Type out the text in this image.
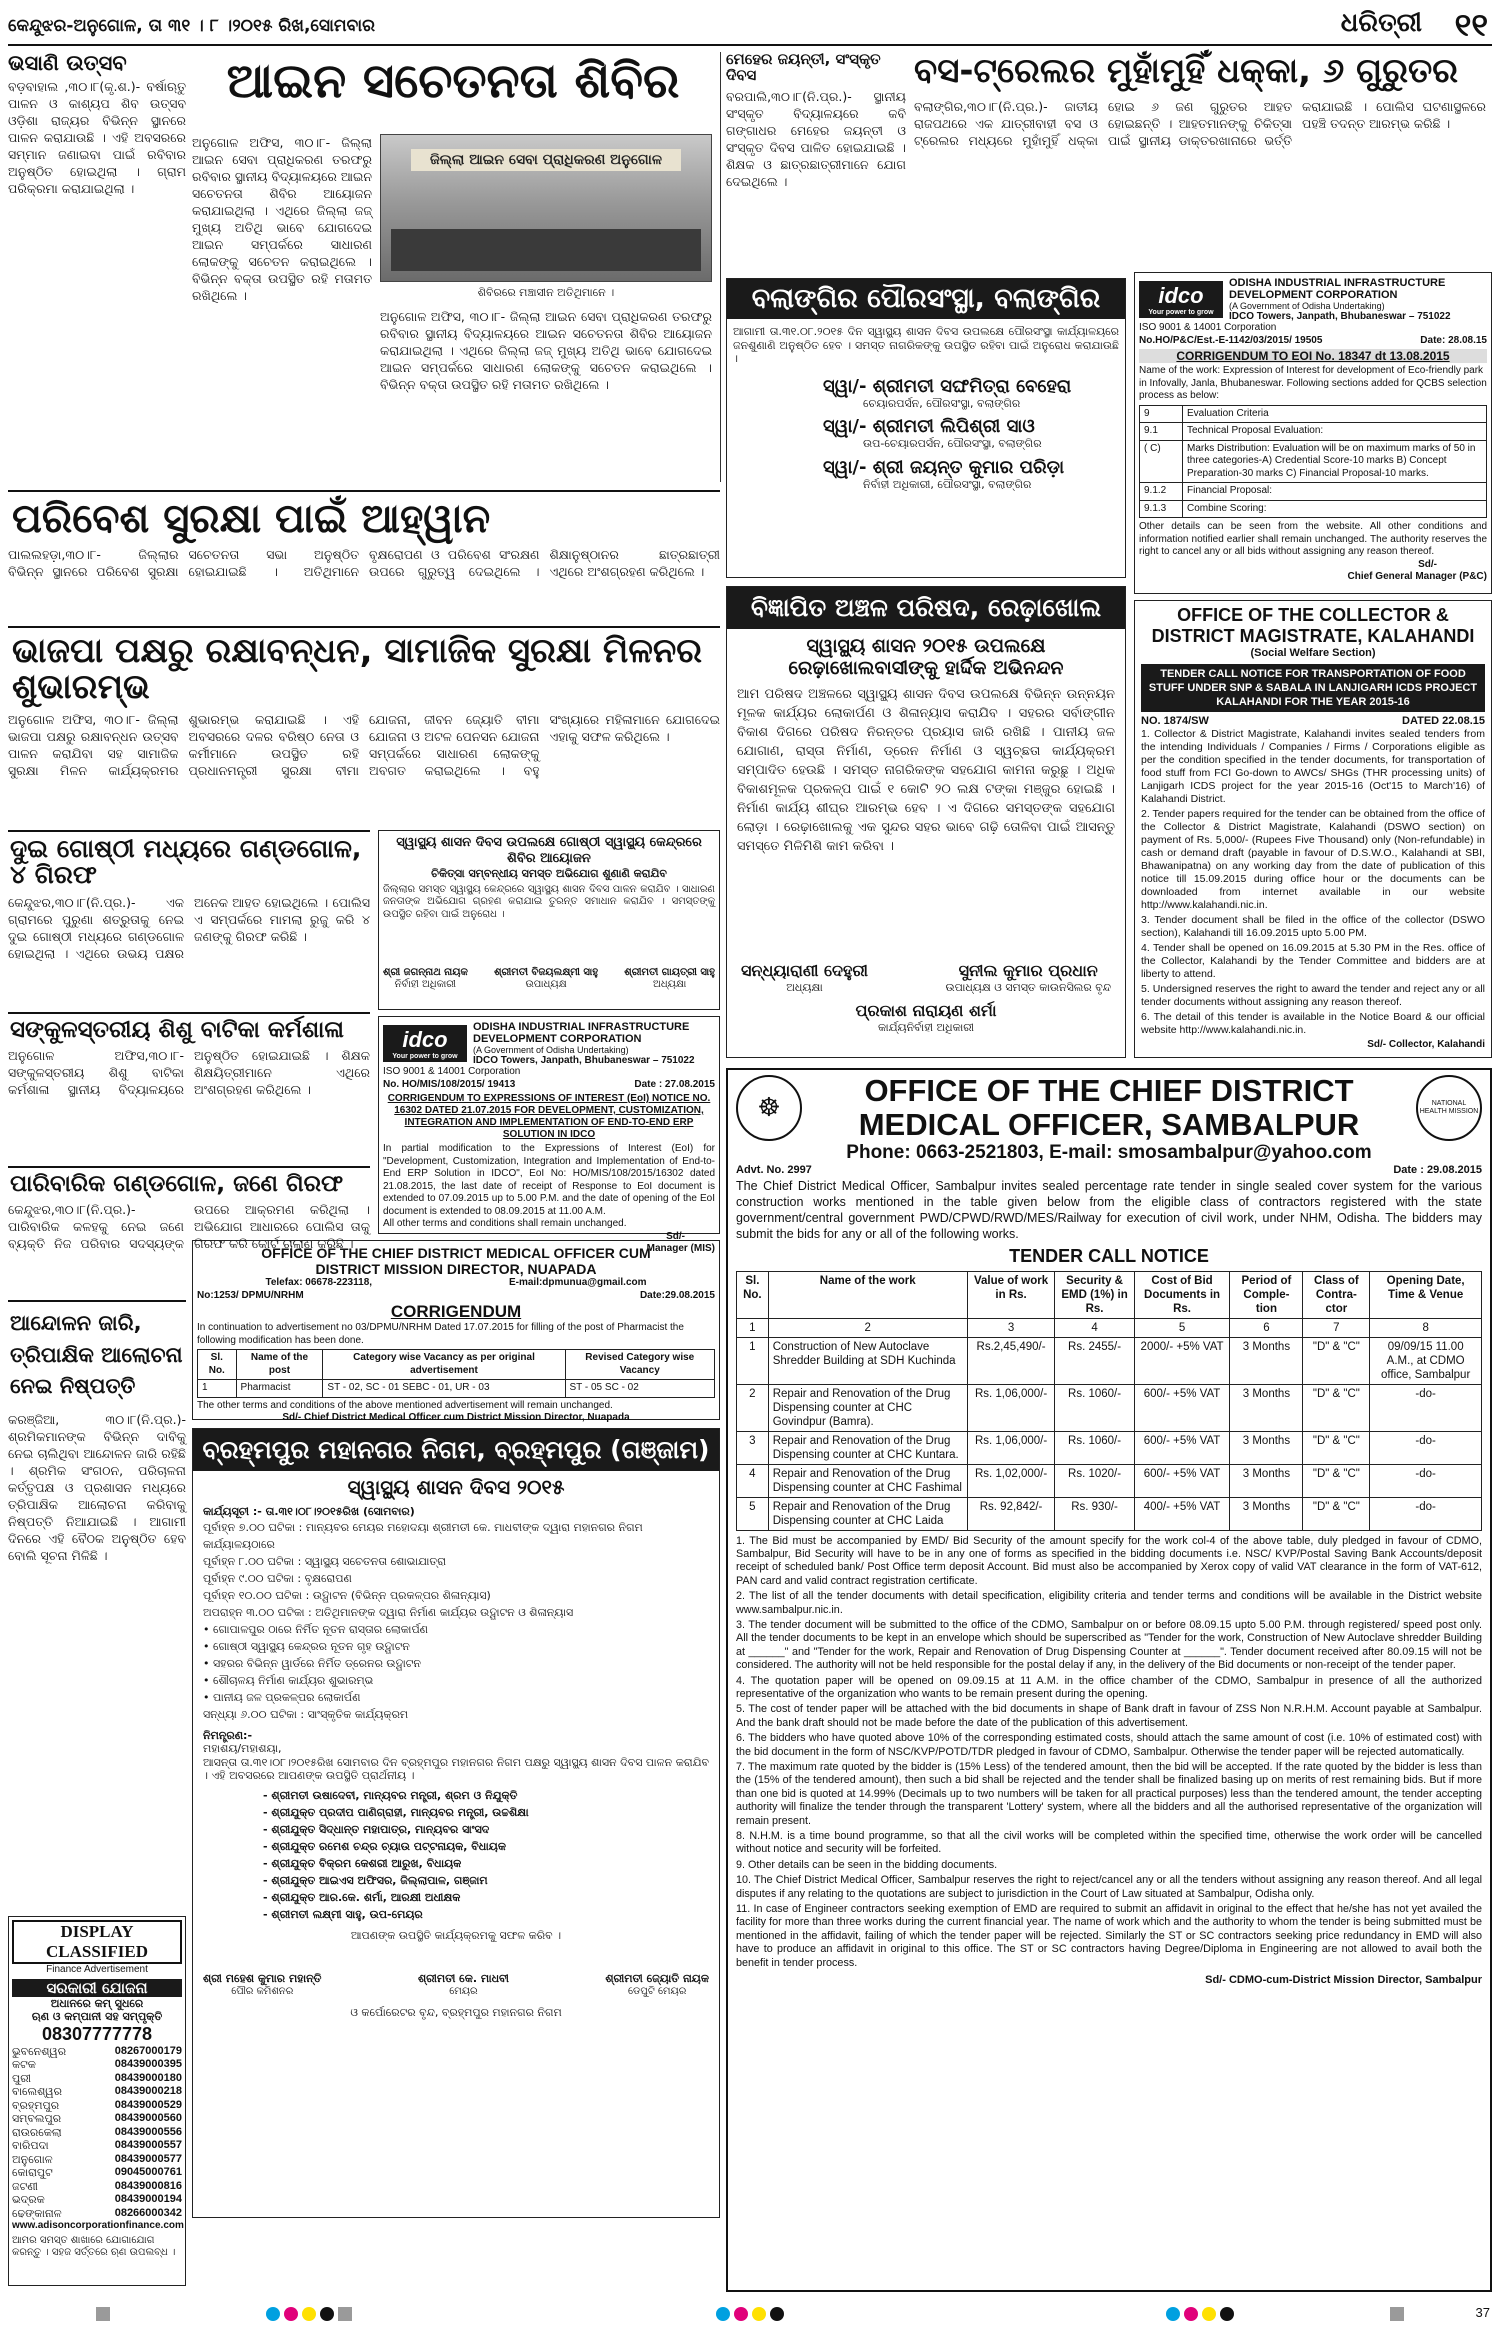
କେନ୍ଦୁଝର-ଅନୁଗୋଳ, ତା ୩୧ । ୮ ।୨୦୧୫ ରିଖ,ସୋମବାର	ଧରିତ୍ରୀ ୧୧
ଭସାଣି ଉତ୍ସବ
ବଡ଼ବାହାଲ ,୩୦।୮(କୃ.ଶ.)- ବର୍ଷାଋତୁ ପାଳନ ଓ କାଶ୍ୟପ ଶିବ ଉତ୍ସବ ଓଡ଼ିଶା ରାଜ୍ୟର ବିଭିନ୍ନ ସ୍ଥାନରେ ପାଳନ କରାଯାଉଛି । ଏହି ଅବସରରେ ସମ୍ମାନ ଜଣାଇବା ପାଇଁ ରବିବାର ଅନୁଷ୍ଠିତ ହୋଇଥିଲା । ଗ୍ରାମ ପରିକ୍ରମା କରାଯାଇଥିଲା ।
ଆଇନ ସଚେତନତା ଶିବିର
ଜିଲ୍ଲା ଆଇନ ସେବା ପ୍ରାଧିକରଣ ଅନୁଗୋଳ
ଶିବିରରେ ମଞ୍ଚାସୀନ ଅତିଥିମାନେ ।
ଅନୁଗୋଳ ଅଫିସ, ୩୦।୮- ଜିଲ୍ଲା ଆଇନ ସେବା ପ୍ରାଧିକରଣ ତରଫରୁ ରବିବାର ସ୍ଥାନୀୟ ବିଦ୍ୟାଳୟରେ ଆଇନ ସଚେତନତା ଶିବିର ଆୟୋଜନ କରାଯାଇଥିଲା । ଏଥିରେ ଜିଲ୍ଲା ଜଜ୍ ମୁଖ୍ୟ ଅତିଥି ଭାବେ ଯୋଗଦେଇ ଆଇନ ସମ୍ପର୍କରେ ସାଧାରଣ ଲୋକଙ୍କୁ ସଚେତନ କରାଇଥିଲେ । ବିଭିନ୍ନ ବକ୍ତା ଉପସ୍ଥିତ ରହି ମତାମତ ରଖିଥିଲେ ।
ଅନୁଗୋଳ ଅଫିସ, ୩୦।୮- ଜିଲ୍ଲା ଆଇନ ସେବା ପ୍ରାଧିକରଣ ତରଫରୁ ରବିବାର ସ୍ଥାନୀୟ ବିଦ୍ୟାଳୟରେ ଆଇନ ସଚେତନତା ଶିବିର ଆୟୋଜନ କରାଯାଇଥିଲା । ଏଥିରେ ଜିଲ୍ଲା ଜଜ୍ ମୁଖ୍ୟ ଅତିଥି ଭାବେ ଯୋଗଦେଇ ଆଇନ ସମ୍ପର୍କରେ ସାଧାରଣ ଲୋକଙ୍କୁ ସଚେତନ କରାଇଥିଲେ । ବିଭିନ୍ନ ବକ୍ତା ଉପସ୍ଥିତ ରହି ମତାମତ ରଖିଥିଲେ ।
ମେହେର ଜୟନ୍ତୀ, ସଂସ୍କୃତ ଦିବସ
ବରପାଲି,୩୦।୮(ନି.ପ୍ର.)- ସ୍ଥାନୀୟ ସଂସ୍କୃତ ବିଦ୍ୟାଳୟରେ କବି ଗଙ୍ଗାଧର ମେହେର ଜୟନ୍ତୀ ଓ ସଂସ୍କୃତ ଦିବସ ପାଳିତ ହୋଇଯାଇଛି । ଶିକ୍ଷକ ଓ ଛାତ୍ରଛାତ୍ରୀମାନେ ଯୋଗ ଦେଇଥିଲେ ।
ବସ-ଟ୍ରେଲର ମୁହାଁମୁହିଁ ଧକ୍କା, ୬ ଗୁରୁତର
ବଲାଙ୍ଗିର,୩୦।୮(ନି.ପ୍ର.)- ଜାତୀୟ ରାଜପଥରେ ଏକ ଯାତ୍ରୀବାହୀ ବସ ଓ ଟ୍ରେଲର ମଧ୍ୟରେ ମୁହାଁମୁହିଁ ଧକ୍କା ହୋଇ ୬ ଜଣ ଗୁରୁତର ଆହତ ହୋଇଛନ୍ତି । ଆହତମାନଙ୍କୁ ଚିକିତ୍ସା ପାଇଁ ସ୍ଥାନୀୟ ଡାକ୍ତରଖାନାରେ ଭର୍ତ୍ତି କରାଯାଇଛି । ପୋଲିସ ଘଟଣାସ୍ଥଳରେ ପହଞ୍ଚି ତଦନ୍ତ ଆରମ୍ଭ କରିଛି ।
ବଲାଙ୍ଗିର ପୌରସଂସ୍ଥା, ବଲାଙ୍ଗିର
ଆଗାମୀ ତା.୩୧.୦୮.୨୦୧୫ ଦିନ ସ୍ୱାସ୍ଥ୍ୟ ଶାସନ ଦିବସ ଉପଲକ୍ଷେ ପୌରସଂସ୍ଥା କାର୍ଯ୍ୟାଳୟରେ ଜନଶୁଣାଣି ଅନୁଷ୍ଠିତ ହେବ । ସମସ୍ତ ନାଗରିକଙ୍କୁ ଉପସ୍ଥିତ ରହିବା ପାଇଁ ଅନୁରୋଧ କରାଯାଉଛି ।
ସ୍ୱା/- ଶ୍ରୀମତୀ ସଙ୍ଘମିତ୍ରା ବେହେରା
ଚେୟାରପର୍ସନ, ପୌରସଂସ୍ଥା, ବଲାଙ୍ଗିର
ସ୍ୱା/- ଶ୍ରୀମତୀ ଲିପିଶ୍ରୀ ସାଓ
ଉପ-ଚେୟାରପର୍ସନ, ପୌରସଂସ୍ଥା, ବଲାଙ୍ଗିର
ସ୍ୱା/- ଶ୍ରୀ ଜୟନ୍ତ କୁମାର ପରିଡ଼ା
ନିର୍ବାହୀ ଅଧିକାରୀ, ପୌରସଂସ୍ଥା, ବଲାଙ୍ଗିର
idco
Your power to grow
ODISHA INDUSTRIAL INFRASTRUCTURE DEVELOPMENT CORPORATION
(A Government of Odisha Undertaking)
IDCO Towers, Janpath, Bhubaneswar – 751022
ISO 9001 & 14001 Corporation
No.HO/P&C/Est.-E-1142/03/2015/ 19505	Date: 28.08.15
CORRIGENDUM TO EOI No. 18347 dt 13.08.2015
Name of the work: Expression of Interest for development of Eco-friendly park in Infovally, Janla, Bhubaneswar. Following sections added for QCBS selection process as below:
9	Evaluation Criteria
9.1	Technical Proposal Evaluation:
( C)	Marks Distribution: Evaluation will be on maximum marks of 50 in three categories-A) Credential Score-10 marks B) Concept Preparation-30 marks C) Financial Proposal-10 marks.
9.1.2	Financial Proposal:
9.1.3	Combine Scoring:
Other details can be seen from the website. All other conditions and information notified earlier shall remain unchanged. The authority reserves the right to cancel any or all bids without assigning any reason thereof.
Sd/-
Chief General Manager (P&C)
ପରିବେଶ ସୁରକ୍ଷା ପାଇଁ ଆହ୍ୱାନ
ପାଲଲହଡ଼ା,୩୦।୮- ଜିଲ୍ଲାର ବିଭିନ୍ନ ସ୍ଥାନରେ ପରିବେଶ ସୁରକ୍ଷା ସଚେତନତା ସଭା ଅନୁଷ୍ଠିତ ହୋଇଯାଇଛି । ଅତିଥିମାନେ ବୃକ୍ଷରୋପଣ ଓ ପରିବେଶ ସଂରକ୍ଷଣ ଉପରେ ଗୁରୁତ୍ୱ ଦେଇଥିଲେ । ଶିକ୍ଷାନୁଷ୍ଠାନର ଛାତ୍ରଛାତ୍ରୀ ଏଥିରେ ଅଂଶଗ୍ରହଣ କରିଥିଲେ ।
ଭାଜପା ପକ୍ଷରୁ ରକ୍ଷାବନ୍ଧନ, ସାମାଜିକ ସୁରକ୍ଷା ମିଳନର ଶୁଭାରମ୍ଭ
ଅନୁଗୋଳ ଅଫିସ, ୩୦।୮- ଜିଲ୍ଲା ଭାଜପା ପକ୍ଷରୁ ରକ୍ଷାବନ୍ଧନ ଉତ୍ସବ ପାଳନ କରାଯିବା ସହ ସାମାଜିକ ସୁରକ୍ଷା ମିଳନ କାର୍ଯ୍ୟକ୍ରମର ଶୁଭାରମ୍ଭ କରାଯାଇଛି । ଏହି ଅବସରରେ ଦଳର ବରିଷ୍ଠ ନେତା ଓ କର୍ମୀମାନେ ଉପସ୍ଥିତ ରହି ପ୍ରଧାନମନ୍ତ୍ରୀ ସୁରକ୍ଷା ବୀମା ଯୋଜନା, ଜୀବନ ଜ୍ୟୋତି ବୀମା ଯୋଜନା ଓ ଅଟଳ ପେନସନ ଯୋଜନା ସମ୍ପର୍କରେ ସାଧାରଣ ଲୋକଙ୍କୁ ଅବଗତ କରାଇଥିଲେ । ବହୁ ସଂଖ୍ୟାରେ ମହିଳାମାନେ ଯୋଗଦେଇ ଏହାକୁ ସଫଳ କରିଥିଲେ ।
ବିଜ୍ଞାପିତ ଅଞ୍ଚଳ ପରିଷଦ, ରେଢ଼ାଖୋଲ
ସ୍ୱାସ୍ଥ୍ୟ ଶାସନ ୨୦୧୫ ଉପଲକ୍ଷେ
ରେଢ଼ାଖୋଲବାସୀଙ୍କୁ ହାର୍ଦ୍ଦିକ ଅଭିନନ୍ଦନ
ଆମ ପରିଷଦ ଅଞ୍ଚଳରେ ସ୍ୱାସ୍ଥ୍ୟ ଶାସନ ଦିବସ ଉପଲକ୍ଷେ ବିଭିନ୍ନ ଉନ୍ନୟନ ମୂଳକ କାର୍ଯ୍ୟର ଲୋକାର୍ପଣ ଓ ଶିଳାନ୍ୟାସ କରାଯିବ । ସହରର ସର୍ବାଙ୍ଗୀନ ବିକାଶ ଦିଗରେ ପରିଷଦ ନିରନ୍ତର ପ୍ରୟାସ ଜାରି ରଖିଛି । ପାନୀୟ ଜଳ ଯୋଗାଣ, ରାସ୍ତା ନିର୍ମାଣ, ଡ୍ରେନ ନିର୍ମାଣ ଓ ସ୍ୱଚ୍ଛତା କାର୍ଯ୍ୟକ୍ରମ ସମ୍ପାଦିତ ହେଉଛି । ସମସ୍ତ ନାଗରିକଙ୍କ ସହଯୋଗ କାମନା କରୁଛୁ । ଅଧିକ ବିକାଶମୂଳକ ପ୍ରକଳ୍ପ ପାଇଁ ୧ କୋଟି ୨୦ ଲକ୍ଷ ଟଙ୍କା ମଞ୍ଜୁର ହୋଇଛି । ନିର୍ମାଣ କାର୍ଯ୍ୟ ଶୀଘ୍ର ଆରମ୍ଭ ହେବ । ଏ ଦିଗରେ ସମସ୍ତଙ୍କ ସହଯୋଗ ଲୋଡ଼ା । ରେଢ଼ାଖୋଲକୁ ଏକ ସୁନ୍ଦର ସହର ଭାବେ ଗଢ଼ି ତୋଳିବା ପାଇଁ ଆସନ୍ତୁ ସମସ୍ତେ ମିଳିମିଶି କାମ କରିବା ।
ସନ୍ଧ୍ୟାରାଣୀ ଦେହୁରୀ
ଅଧ୍ୟକ୍ଷା
ସୁନୀଲ କୁମାର ପ୍ରଧାନ
ଉପାଧ୍ୟକ୍ଷ ଓ ସମସ୍ତ କାଉନସିଲର ବୃନ୍ଦ
ପ୍ରକାଶ ନାରାୟଣ ଶର୍ମା
କାର୍ଯ୍ୟନିର୍ବାହୀ ଅଧିକାରୀ
OFFICE OF THE COLLECTOR &
DISTRICT MAGISTRATE, KALAHANDI
(Social Welfare Section)
TENDER CALL NOTICE FOR TRANSPORTATION OF FOOD STUFF UNDER SNP & SABALA IN LANJIGARH ICDS PROJECT KALAHANDI FOR THE YEAR 2015-16
NO. 1874/SW	DATED 22.08.15
1. Collector & District Magistrate, Kalahandi invites sealed tenders from the intending Individuals / Companies / Firms / Corporations eligible as per the condition specified in the tender documents, for transportation of food stuff from FCI Go-down to AWCs/ SHGs (THR processing units) of Lanjigarh ICDS project for the year 2015-16 (Oct'15 to March'16) of Kalahandi District.
2. Tender papers required for the tender can be obtained from the office of the Collector & District Magistrate, Kalahandi (DSWO section) on payment of Rs. 5,000/- (Rupees Five Thousand) only (Non-refundable) in cash or demand draft (payable in favour of D.S.W.O., Kalahandi at SBI, Bhawanipatna) on any working day from the date of publication of this notice till 15.09.2015 during office hour or the documents can be downloaded from internet available in our website http://www.kalahandi.nic.in.
3. Tender document shall be filed in the office of the collector (DSWO section), Kalahandi till 16.09.2015 upto 5.00 PM.
4. Tender shall be opened on 16.09.2015 at 5.30 PM in the Res. office of the Collector, Kalahandi by the Tender Committee and bidders are at liberty to attend.
5. Undersigned reserves the right to award the tender and reject any or all tender documents without assigning any reason thereof.
6. The detail of this tender is available in the Notice Board & our official website http://www.kalahandi.nic.in.
Sd/- Collector, Kalahandi
ଦୁଇ ଗୋଷ୍ଠୀ ମଧ୍ୟରେ ଗଣ୍ଡଗୋଳ, ୪ ଗିରଫ
କେନ୍ଦୁଝର,୩୦।୮(ନି.ପ୍ର.)- ଏକ ଗ୍ରାମରେ ପୁରୁଣା ଶତ୍ରୁତାକୁ ନେଇ ଦୁଇ ଗୋଷ୍ଠୀ ମଧ୍ୟରେ ଗଣ୍ଡଗୋଳ ହୋଇଥିଲା । ଏଥିରେ ଉଭୟ ପକ୍ଷର ଅନେକ ଆହତ ହୋଇଥିଲେ । ପୋଲିସ ଏ ସମ୍ପର୍କରେ ମାମଲା ରୁଜୁ କରି ୪ ଜଣଙ୍କୁ ଗିରଫ କରିଛି ।
ସ୍ୱାସ୍ଥ୍ୟ ଶାସନ ଦିବସ ଉପଲକ୍ଷେ ଗୋଷ୍ଠୀ ସ୍ୱାସ୍ଥ୍ୟ କେନ୍ଦ୍ରରେ ଶିବିର ଆୟୋଜନ
ଚିକିତ୍ସା ସମ୍ବନ୍ଧୀୟ ସମସ୍ତ ଅଭିଯୋଗ ଶୁଣାଣି କରାଯିବ
ଜିଲ୍ଲାର ସମସ୍ତ ସ୍ୱାସ୍ଥ୍ୟ କେନ୍ଦ୍ରରେ ସ୍ୱାସ୍ଥ୍ୟ ଶାସନ ଦିବସ ପାଳନ କରାଯିବ । ସାଧାରଣ ଜନତାଙ୍କ ଅଭିଯୋଗ ଗ୍ରହଣ କରାଯାଇ ତୁରନ୍ତ ସମାଧାନ କରାଯିବ । ସମସ୍ତଙ୍କୁ ଉପସ୍ଥିତ ରହିବା ପାଇଁ ଅନୁରୋଧ ।
ଶ୍ରୀ ଜଗନ୍ନାଥ ନାୟକ
ନିର୍ବାହୀ ଅଧିକାରୀ
ଶ୍ରୀମତୀ ବିଜୟଲକ୍ଷ୍ମୀ ସାହୁ
ଉପାଧ୍ୟକ୍ଷ
ଶ୍ରୀମତୀ ଗାୟତ୍ରୀ ସାହୁ
ଅଧ୍ୟକ୍ଷା
ସଙ୍କୁଳସ୍ତରୀୟ ଶିଶୁ ବାଟିକା କର୍ମଶାଳା
ଅନୁଗୋଳ ଅଫିସ,୩୦।୮- ସଙ୍କୁଳସ୍ତରୀୟ ଶିଶୁ ବାଟିକା କର୍ମଶାଳା ସ୍ଥାନୀୟ ବିଦ୍ୟାଳୟରେ ଅନୁଷ୍ଠିତ ହୋଇଯାଇଛି । ଶିକ୍ଷକ ଶିକ୍ଷୟିତ୍ରୀମାନେ ଏଥିରେ ଅଂଶଗ୍ରହଣ କରିଥିଲେ ।
idco
Your power to grow
ODISHA INDUSTRIAL INFRASTRUCTURE DEVELOPMENT CORPORATION
(A Government of Odisha Undertaking)
IDCO Towers, Janpath, Bhubaneswar – 751022
ISO 9001 & 14001 Corporation
No. HO/MIS/108/2015/ 19413	Date : 27.08.2015
CORRIGENDUM TO EXPRESSIONS OF INTEREST (EoI) NOTICE NO. 16302 DATED 21.07.2015 FOR DEVELOPMENT, CUSTOMIZATION, INTEGRATION AND IMPLEMENTATION OF END-TO-END ERP SOLUTION IN IDCO
In partial modification to the Expressions of Interest (EoI) for "Development, Customization, Integration and Implementation of End-to-End ERP Solution in IDCO", EoI No: HO/MIS/108/2015/16302 dated 21.08.2015, the last date of receipt of Response to EoI document is extended to 07.09.2015 up to 5.00 P.M. and the date of opening of the EoI document is extended to 08.09.2015 at 11.00 A.M.
All other terms and conditions shall remain unchanged.
Sd/-
Manager (MIS)
ପାରିବାରିକ ଗଣ୍ଡଗୋଳ, ଜଣେ ଗିରଫ
କେନ୍ଦୁଝର,୩୦।୮(ନି.ପ୍ର.)- ପାରିବାରିକ କଳହକୁ ନେଇ ଜଣେ ବ୍ୟକ୍ତି ନିଜ ପରିବାର ସଦସ୍ୟଙ୍କ ଉପରେ ଆକ୍ରମଣ କରିଥିଲା । ଅଭିଯୋଗ ଆଧାରରେ ପୋଲିସ ତାକୁ ଗିରଫ କରି କୋର୍ଟ ଚାଲାଣ କରିଛି ।
OFFICE OF THE CHIEF DISTRICT MEDICAL OFFICER CUM
DISTRICT MISSION DIRECTOR, NUAPADA
Telefax: 06678-223118,	E-mail:dpmunua@gmail.com
No:1253/ DPMU/NRHM	Date:29.08.2015
CORRIGENDUM
In continuation to advertisement no 03/DPMU/NRHM Dated 17.07.2015 for filling of the post of Pharmacist the following modification has been done.
Sl. No.	Name of the post	Category wise Vacancy as per original advertisement	Revised Category wise Vacancy
1	Pharmacist	ST - 02, SC - 01 SEBC - 01, UR - 03	ST - 05 SC - 02
The other terms and conditions of the above mentioned advertisement will remain unchanged.
Sd/- Chief District Medical Officer cum District Mission Director, Nuapada
ଆନ୍ଦୋଳନ ଜାରି, ତ୍ରିପାକ୍ଷିକ ଆଲୋଚନା ନେଇ ନିଷ୍ପତ୍ତି
କରଞ୍ଜିଆ, ୩୦।୮(ନି.ପ୍ର.)- ଶ୍ରମିକମାନଙ୍କ ବିଭିନ୍ନ ଦାବିକୁ ନେଇ ଚାଲିଥିବା ଆନ୍ଦୋଳନ ଜାରି ରହିଛି । ଶ୍ରମିକ ସଂଗଠନ, ପରିଚାଳନା କର୍ତ୍ତୃପକ୍ଷ ଓ ପ୍ରଶାସନ ମଧ୍ୟରେ ତ୍ରିପାକ୍ଷିକ ଆଲୋଚନା କରିବାକୁ ନିଷ୍ପତ୍ତି ନିଆଯାଇଛି । ଆଗାମୀ ଦିନରେ ଏହି ବୈଠକ ଅନୁଷ୍ଠିତ ହେବ ବୋଲି ସୂଚନା ମିଳିଛି ।
ବ୍ରହ୍ମପୁର ମହାନଗର ନିଗମ, ବ୍ରହ୍ମପୁର (ଗଞ୍ଜାମ)
ସ୍ୱାସ୍ଥ୍ୟ ଶାସନ ଦିବସ ୨୦୧୫
କାର୍ଯ୍ୟସୂଚୀ :- ତା.୩୧।୦୮।୨୦୧୫ରିଖ (ସୋମବାର)
ପୂର୍ବାହ୍ନ ୭.୦୦ ଘଟିକା : ମାନ୍ୟବର ମେୟର ମହୋଦୟା ଶ୍ରୀମତୀ କେ. ମାଧବୀଙ୍କ ଦ୍ୱାରା ମହାନଗର ନିଗମ କାର୍ଯ୍ୟାଳୟଠାରେ
ପୂର୍ବାହ୍ନ ୮.୦୦ ଘଟିକା : ସ୍ୱାସ୍ଥ୍ୟ ସଚେତନତା ଶୋଭାଯାତ୍ରା
ପୂର୍ବାହ୍ନ ୯.୦୦ ଘଟିକା : ବୃକ୍ଷରୋପଣ
ପୂର୍ବାହ୍ନ ୧୦.୦୦ ଘଟିକା : ଉଦ୍ଘାଟନ (ବିଭିନ୍ନ ପ୍ରକଳ୍ପର ଶିଳାନ୍ୟାସ)
ଅପରାହ୍ନ ୩.୦୦ ଘଟିକା : ଅତିଥିମାନଙ୍କ ଦ୍ୱାରା ନିର୍ମାଣ କାର୍ଯ୍ୟର ଉଦ୍ଘାଟନ ଓ ଶିଳାନ୍ୟାସ
• ଗୋପାଳପୁର ଠାରେ ନିର୍ମିତ ନୂତନ ରାସ୍ତାର ଲୋକାର୍ପଣ
• ଗୋଷ୍ଠୀ ସ୍ୱାସ୍ଥ୍ୟ କେନ୍ଦ୍ରର ନୂତନ ଗୃହ ଉଦ୍ଘାଟନ
• ସହରର ବିଭିନ୍ନ ୱାର୍ଡରେ ନିର୍ମିତ ଡ୍ରେନର ଉଦ୍ଘାଟନ
• ଶୌଚାଳୟ ନିର୍ମାଣ କାର୍ଯ୍ୟର ଶୁଭାରମ୍ଭ
• ପାନୀୟ ଜଳ ପ୍ରକଳ୍ପର ଲୋକାର୍ପଣ
ସନ୍ଧ୍ୟା ୬.୦୦ ଘଟିକା : ସାଂସ୍କୃତିକ କାର୍ଯ୍ୟକ୍ରମ
ନିମନ୍ତ୍ରଣ:-
ମହାଶୟ/ମହାଶୟା,
ଆସନ୍ତା ତା.୩୧।୦୮।୨୦୧୫ରିଖ ସୋମବାର ଦିନ ବ୍ରହ୍ମପୁର ମହାନଗର ନିଗମ ପକ୍ଷରୁ ସ୍ୱାସ୍ଥ୍ୟ ଶାସନ ଦିବସ ପାଳନ କରାଯିବ । ଏହି ଅବସରରେ ଆପଣଙ୍କ ଉପସ୍ଥିତି ପ୍ରାର୍ଥନୀୟ ।
- ଶ୍ରୀମତୀ ଉଷାଦେବୀ, ମାନ୍ୟବର ମନ୍ତ୍ରୀ, ଶ୍ରମ ଓ ନିଯୁକ୍ତି
- ଶ୍ରୀଯୁକ୍ତ ପ୍ରଦୀପ ପାଣିଗ୍ରାହୀ, ମାନ୍ୟବର ମନ୍ତ୍ରୀ, ଉଚ୍ଚଶିକ୍ଷା
- ଶ୍ରୀଯୁକ୍ତ ସିଦ୍ଧାନ୍ତ ମହାପାତ୍ର, ମାନ୍ୟବର ସାଂସଦ
- ଶ୍ରୀଯୁକ୍ତ ରମେଶ ଚନ୍ଦ୍ର ଚ୍ୟାଉ ପଟ୍ଟନାୟକ, ବିଧାୟକ
- ଶ୍ରୀଯୁକ୍ତ ବିକ୍ରମ କେଶରୀ ଆରୁଖ, ବିଧାୟକ
- ଶ୍ରୀଯୁକ୍ତ ଆଇଏସ ଅଫିସର, ଜିଲ୍ଲାପାଳ, ଗଞ୍ଜାମ
- ଶ୍ରୀଯୁକ୍ତ ଆର.କେ. ଶର୍ମା, ଆରକ୍ଷୀ ଅଧୀକ୍ଷକ
- ଶ୍ରୀମତୀ ଲକ୍ଷ୍ମୀ ସାହୁ, ଉପ-ମେୟର
ଆପଣଙ୍କ ଉପସ୍ଥିତି କାର୍ଯ୍ୟକ୍ରମକୁ ସଫଳ କରିବ ।
ଶ୍ରୀ ମହେଶ କୁମାର ମହାନ୍ତି
ପୌର କମିଶନର
ଶ୍ରୀମତୀ କେ. ମାଧବୀ
ମେୟର
ଶ୍ରୀମତୀ ଜ୍ୟୋତି ନାୟକ
ଡେପୁଟି ମେୟର
ଓ କର୍ପୋରେଟର ବୃନ୍ଦ, ବ୍ରହ୍ମପୁର ମହାନଗର ନିଗମ
DISPLAY CLASSIFIED
Finance Advertisement
ସରକାରୀ ଯୋଜନା
ଅଧାନରେ କମ୍ ସୁଧରେ
ଋଣ ଓ କମ୍ପାନୀ ସହ ସମ୍ପୃକ୍ତି
08307777778
ଭୁବନେଶ୍ୱର	08267000179
କଟକ	08439000395
ପୁରୀ	08439000180
ବାଲେଶ୍ୱର	08439000218
ବ୍ରହ୍ମପୁର	08439000529
ସମ୍ବଲପୁର	08439000560
ରାଉରକେଲା	08439000556
ବାରିପଦା	08439000557
ଅନୁଗୋଳ	08439000577
କୋରାପୁଟ	09045000761
ଜଟଣୀ	08439000816
ଭଦ୍ରକ	08439000194
ଢେଙ୍କାନାଳ	08266000342
www.adisoncorporationfinance.com
ଆମର ସମସ୍ତ ଶାଖାରେ ଯୋଗାଯୋଗ କରନ୍ତୁ । ସହଜ ସର୍ତ୍ତରେ ଋଣ ଉପଲବ୍ଧ ।
☸	OFFICE OF THE CHIEF DISTRICT
MEDICAL OFFICER, SAMBALPUR
NATIONAL HEALTH MISSION
Phone: 0663-2521803, E-mail: smosambalpur@yahoo.com
Advt. No. 2997	Date : 29.08.2015
The Chief District Medical Officer, Sambalpur invites sealed percentage rate tender in single sealed cover system for the various construction works mentioned in the table given below from the eligible class of contractors registered with the state government/central government PWD/CPWD/RWD/MES/Railway for execution of civil work, under NHM, Odisha. The bidders may submit the bids for any or all of the following works.
TENDER CALL NOTICE
Sl. No.	Name of the work	Value of work in Rs.	Security & EMD (1%) in Rs.	Cost of Bid Documents in Rs.	Period of Comple-tion	Class of Contra-ctor	Opening Date, Time & Venue
1	2	3	4	5	6	7	8
1	Construction of New Autoclave Shredder Building at SDH Kuchinda	Rs.2,45,490/-	Rs. 2455/-	2000/- +5% VAT	3 Months	"D" & "C"	09/09/15 11.00 A.M., at CDMO office, Sambalpur
2	Repair and Renovation of the Drug Dispensing counter at CHC Govindpur (Bamra).	Rs. 1,06,000/-	Rs. 1060/-	600/- +5% VAT	3 Months	"D" & "C"	-do-
3	Repair and Renovation of the Drug Dispensing counter at CHC Kuntara.	Rs. 1,06,000/-	Rs. 1060/-	600/- +5% VAT	3 Months	"D" & "C"	-do-
4	Repair and Renovation of the Drug Dispensing counter at CHC Fashimal	Rs. 1,02,000/-	Rs. 1020/-	600/- +5% VAT	3 Months	"D" & "C"	-do-
5	Repair and Renovation of the Drug Dispensing counter at CHC Laida	Rs. 92,842/-	Rs. 930/-	400/- +5% VAT	3 Months	"D" & "C"	-do-
1. The Bid must be accompanied by EMD/ Bid Security of the amount specify for the work col-4 of the above table, duly pledged in favour of CDMO, Sambalpur, Bid Security will have to be in any one of forms as specified in the bidding documents i.e. NSC/ KVP/Postal Saving Bank Accounts/deposit receipt of scheduled bank/ Post Office term deposit Account. Bid must also be accompanied by Xerox copy of valid VAT clearance in the form of VAT-612, PAN card and valid contract registration certificate.
2. The list of all the tender documents with detail specification, eligibility criteria and tender terms and conditions will be available in the District website www.sambalpur.nic.in.
3. The tender document will be submitted to the office of the CDMO, Sambalpur on or before 08.09.15 upto 5.00 P.M. through registered/ speed post only. All the tender documents to be kept in an envelope which should be superscribed as "Tender for the work, Construction of New Autoclave shredder Building at ______" and "Tender for the work, Repair and Renovation of Drug Dispensing Counter at ______". Tender document received after 80.09.15 will not be considered. The authority will not be held responsible for the postal delay if any, in the delivery of the Bid documents or non-receipt of the tender paper.
4. The quotation paper will be opened on 09.09.15 at 11 A.M. in the office chamber of the CDMO, Sambalpur in presence of all the authorized representative of the organization who wants to be remain present during the opening.
5. The cost of tender paper will be attached with the bid documents in shape of Bank draft in favour of ZSS Non N.R.H.M. Account payable at Sambalpur. And the bank draft should not be made before the date of the publication of this advertisement.
6. The bidders who have quoted above 10% of the corresponding estimated costs, should attach the same amount of cost (i.e. 10% of estimated cost) with the bid document in the form of NSC/KVP/POTD/TDR pledged in favour of CDMO, Sambalpur. Otherwise the tender paper will be rejected automatically.
7. The maximum rate quoted by the bidder is (15% Less) of the tendered amount, then the bid will be accepted. If the rate quoted by the bidder is less than the (15% of the tendered amount), then such a bid shall be rejected and the tender shall be finalized basing up on merits of rest remaining bids. But if more than one bid is quoted at 14.99% (Decimals up to two numbers will be taken for all practical purposes) less than the tendered amount, the tender accepting authority will finalize the tender through the transparent 'Lottery' system, where all the bidders and all the authorised representative of the organization will remain present.
8. N.H.M. is a time bound programme, so that all the civil works will be completed within the specified time, otherwise the work order will be cancelled without notice and security will be forfeited.
9. Other details can be seen in the bidding documents.
10. The Chief District Medical Officer, Sambalpur reserves the right to reject/cancel any or all the tenders without assigning any reason thereof. And all legal disputes if any relating to the quotations are subject to jurisdiction in the Court of Law situated at Sambalpur, Odisha only.
11. In case of Engineer contractors seeking exemption of EMD are required to submit an affidavit in original to the effect that he/she has not yet availed the facility for more than three works during the current financial year. The name of work which and the authority to whom the tender is being submitted must be mentioned in the affidavit, failing of which the tender paper will be rejected. Similarly the ST or SC contractors seeking price redundancy in EMD will also have to produce an affidavit in original to this office. The ST or SC contractors having Degree/Diploma in Engineering are not allowed to avail both the benefit in tender process.
Sd/- CDMO-cum-District Mission Director, Sambalpur
37
